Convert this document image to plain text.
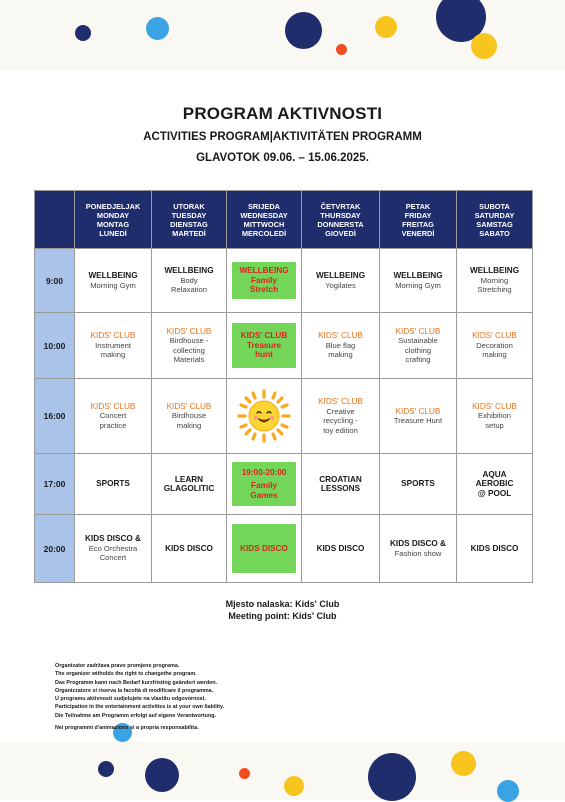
PROGRAM AKTIVNOSTI
ACTIVITIES PROGRAM|AKTIVITÄTEN PROGRAMM
GLAVOTOK 09.06. – 15.06.2025.
	PONEDJELJAK
MONDAY
MONTAG
LUNEDÌ	UTORAK
TUESDAY
DIENSTAG
MARTEDÌ	SRIJEDA
WEDNESDAY
MITTWOCH
MERCOLEDÌ	ČETVRTAK
THURSDAY
DONNERSTA
GIOVEDÌ	PETAK
FRIDAY
FREITAG
VENERDÌ	SUBOTA
SATURDAY
SAMSTAG
SABATO
9:00	WELLBEING
Morning Gym	WELLBEING
Body
Relaxation	WELLBEING
Family
Stretch	WELLBEING
Yogilates	WELLBEING
Morning Gym	WELLBEING
Morning
Stretching

10:00	KIDS' CLUB
Instrument
making	KIDS' CLUB
Birdhouse -
collecting
Materials	KIDS' CLUB
Treasure
hunt	KIDS' CLUB
Blue flag
making	KIDS' CLUB
Sustainable
clothing
crafting	KIDS' CLUB
Decoration
making

16:00	KIDS' CLUB
Concert
practice	KIDS' CLUB
Birdhouse
making		KIDS' CLUB
Creative
recycling -
toy edition	KIDS' CLUB
Treasure Hunt	KIDS' CLUB
Exhibition
setup

17:00	SPORTS	LEARN
GLAGOLITIC	19:00-20:00
Family
Games	CROATIAN
LESSONS	SPORTS	AQUA
AEROBIC
@ POOL

20:00	KIDS DISCO &
Eco Orchestra
Concert	KIDS DISCO	KIDS DISCO	KIDS DISCO	KIDS DISCO &
Fashion show	KIDS DISCO
Mjesto nalaska: Kids' Club
Meeting point: Kids' Club
Organizator zadržava pravo promjene programa.
The organizer witholds the right to changethe program.
Das Programm kann nach Bedarf kurzfristing geändert werden.
Organizzatore si riserva la facoltà di modificare il programma.
U programu aktivnosti sudjelujete na vlastitu odgovornost.
Participation in the entertainment activities is at your own liability.
Die Teilnahme am Programm erfolgt auf eigene Verantwortung.
Nei programmi d'animazione si a propria responsabilita.
